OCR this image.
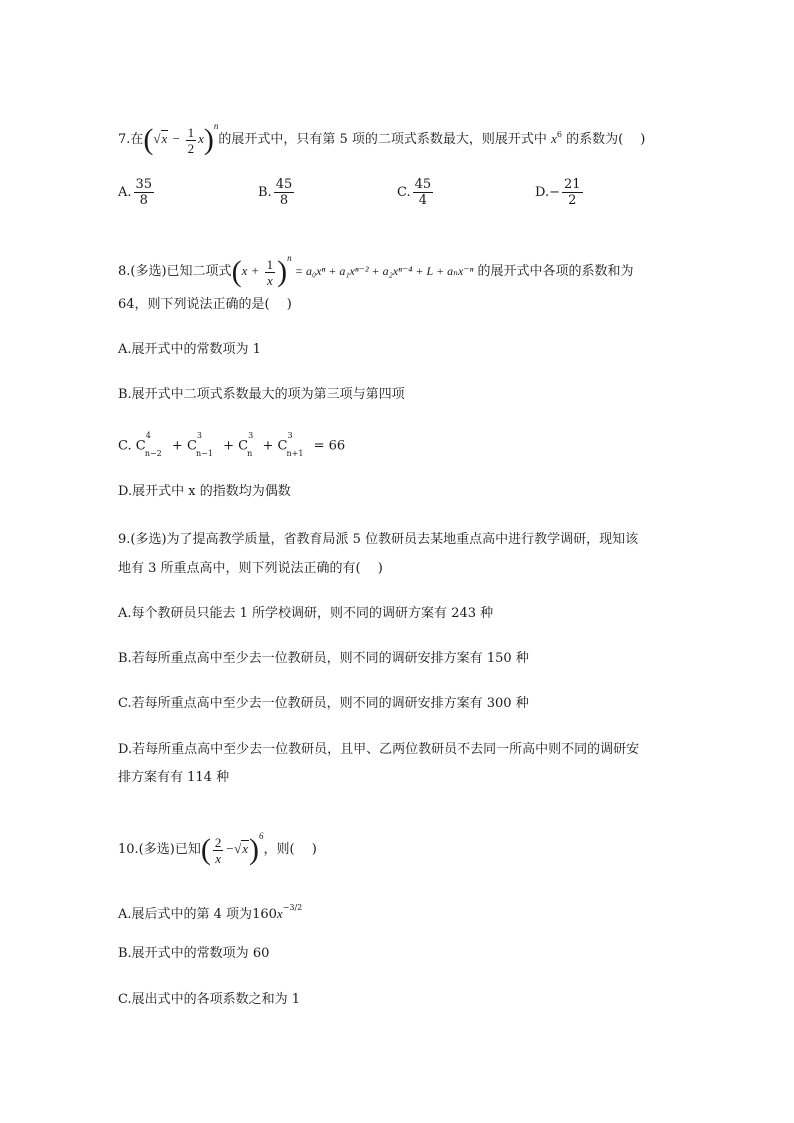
7.在$(√x - \frac{1}{2} x)^n$的展开式中，只有第 5 项的二项式系数最大，则展开式中 $x^6$ 的系数为(　 )
A. $\frac{35}{8}$	B. $\frac{45}{8}$	C. $\frac{45}{4}$	$D.- \frac{21}{2}$
8.(多选)已知二项式$(x + \frac{1}{x} )^n = a_0x^n + a_1x^{n-2} + a_2x^{n-4} + L + a_nx^{-n}$ 的展开式中各项的系数和为
64，则下列说法正确的是(　 )
A.展开式中的常数项为 1
B.展开式中二项式系数最大的项为第三项与第四项
C. $C^4_{n-2} + C^3_{n-1} + C^3_n + C^3_{n+1} = 66$
D.展开式中 x 的指数均为偶数
9.(多选)为了提高教学质量，省教育局派 5 位教研员去某地重点高中进行教学调研，现知该
地有 3 所重点高中，则下列说法正确的有(　 )
A.每个教研员只能去 1 所学校调研，则不同的调研方案有 243 种
B.若每所重点高中至少去一位教研员，则不同的调研安排方案有 150 种
C.若每所重点高中至少去一位教研员，则不同的调研安排方案有 300 种
D.若每所重点高中至少去一位教研员，且甲、乙两位教研员不去同一所高中则不同的调研安
排方案有有 114 种
10.(多选)已知( $\frac{2}{x} -√x)^6$，则(　 )
A.展后式中的第 4 项为$160x^{-3/2}$
B.展开式中的常数项为 60
C.展出式中的各项系数之和为 1
